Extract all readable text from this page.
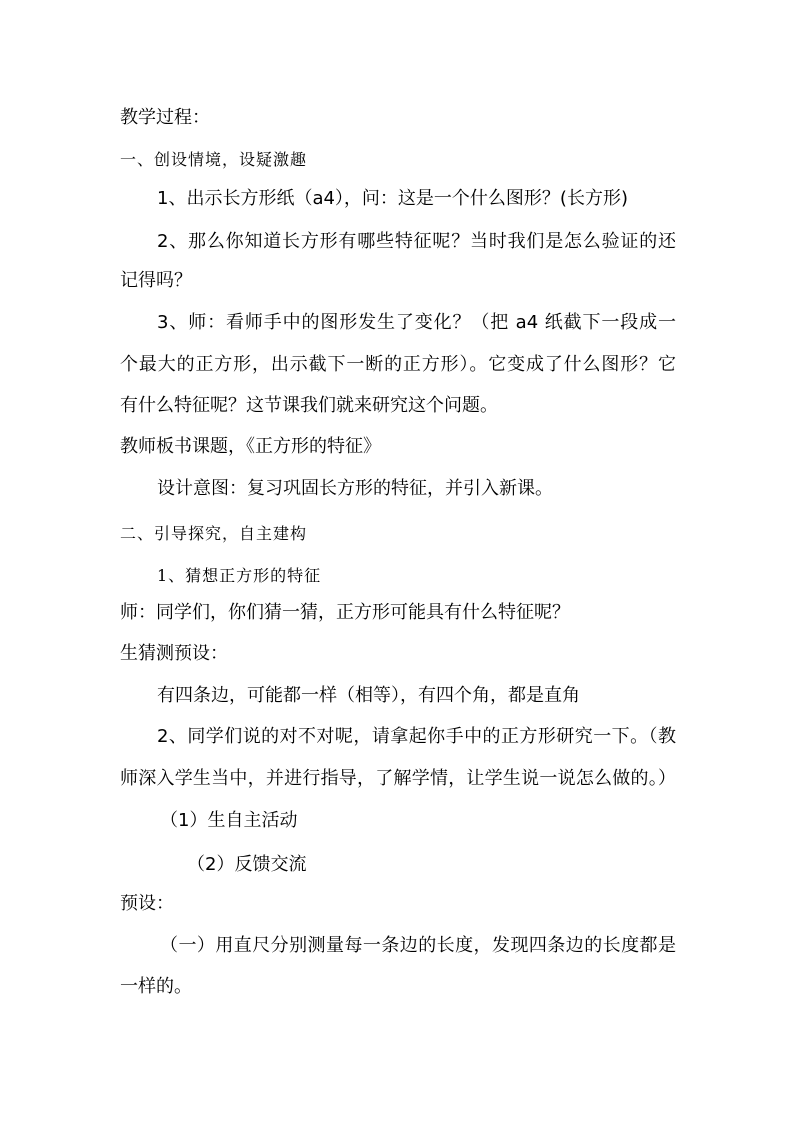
教学过程：
一、创设情境，设疑激趣
1、出示长方形纸（a4），问：这是一个什么图形？(长方形)
2、那么你知道长方形有哪些特征呢？当时我们是怎么验证的还
记得吗？
3、师：看师手中的图形发生了变化？（把 a4 纸截下一段成一
个最大的正方形，出示截下一断的正方形）。它变成了什么图形？它
有什么特征呢？这节课我们就来研究这个问题。
教师板书课题，《正方形的特征》
设计意图：复习巩固长方形的特征，并引入新课。
二、引导探究，自主建构
1、猜想正方形的特征
师：同学们，你们猜一猜，正方形可能具有什么特征呢？
生猜测预设：
有四条边，可能都一样（相等），有四个角，都是直角
2、同学们说的对不对呢，请拿起你手中的正方形研究一下。（教
师深入学生当中，并进行指导，了解学情，让学生说一说怎么做的。）
（1）生自主活动
（2）反馈交流
预设：
（一）用直尺分别测量每一条边的长度，发现四条边的长度都是
一样的。
